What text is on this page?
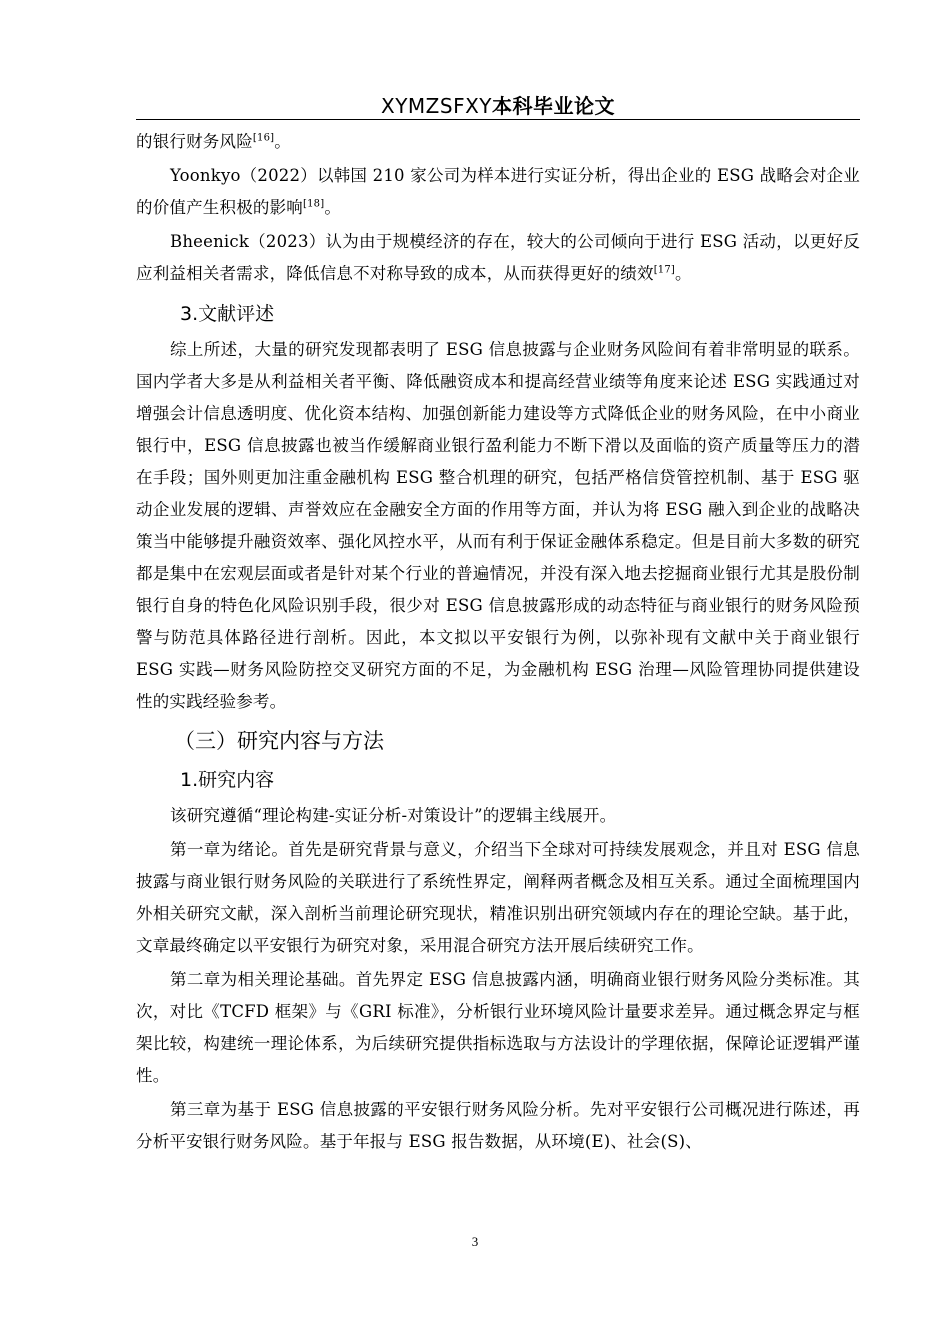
XYMZSFXY本科毕业论文

的银行财务风险[16]。

Yoonkyo（2022）以韩国 210 家公司为样本进行实证分析，得出企业的 ESG 战略会对企业的价值产生积极的影响[18]。

Bheenick（2023）认为由于规模经济的存在，较大的公司倾向于进行 ESG 活动，以更好反应利益相关者需求，降低信息不对称导致的成本，从而获得更好的绩效[17]。

3.文献评述

综上所述，大量的研究发现都表明了 ESG 信息披露与企业财务风险间有着非常明显的联系。国内学者大多是从利益相关者平衡、降低融资成本和提高经营业绩等角度来论述 ESG 实践通过对增强会计信息透明度、优化资本结构、加强创新能力建设等方式降低企业的财务风险，在中小商业银行中，ESG 信息披露也被当作缓解商业银行盈利能力不断下滑以及面临的资产质量等压力的潜在手段；国外则更加注重金融机构 ESG 整合机理的研究，包括严格信贷管控机制、基于 ESG 驱动企业发展的逻辑、声誉效应在金融安全方面的作用等方面，并认为将 ESG 融入到企业的战略决策当中能够提升融资效率、强化风控水平，从而有利于保证金融体系稳定。但是目前大多数的研究都是集中在宏观层面或者是针对某个行业的普遍情况，并没有深入地去挖掘商业银行尤其是股份制银行自身的特色化风险识别手段，很少对 ESG 信息披露形成的动态特征与商业银行的财务风险预警与防范具体路径进行剖析。因此，本文拟以平安银行为例，以弥补现有文献中关于商业银行 ESG 实践—财务风险防控交叉研究方面的不足，为金融机构 ESG 治理—风险管理协同提供建设性的实践经验参考。

（三）研究内容与方法
1.研究内容

该研究遵循“理论构建-实证分析-对策设计”的逻辑主线展开。

第一章为绪论。首先是研究背景与意义，介绍当下全球对可持续发展观念，并且对 ESG 信息披露与商业银行财务风险的关联进行了系统性界定，阐释两者概念及相互关系。通过全面梳理国内外相关研究文献，深入剖析当前理论研究现状，精准识别出研究领域内存在的理论空缺。基于此，文章最终确定以平安银行为研究对象，采用混合研究方法开展后续研究工作。

第二章为相关理论基础。首先界定 ESG 信息披露内涵，明确商业银行财务风险分类标准。其次，对比《TCFD 框架》与《GRI 标准》，分析银行业环境风险计量要求差异。通过概念界定与框架比较，构建统一理论体系，为后续研究提供指标选取与方法设计的学理依据，保障论证逻辑严谨性。

第三章为基于 ESG 信息披露的平安银行财务风险分析。先对平安银行公司概况进行陈述，再分析平安银行财务风险。基于年报与 ESG 报告数据，从环境(E)、社会(S)、

3
